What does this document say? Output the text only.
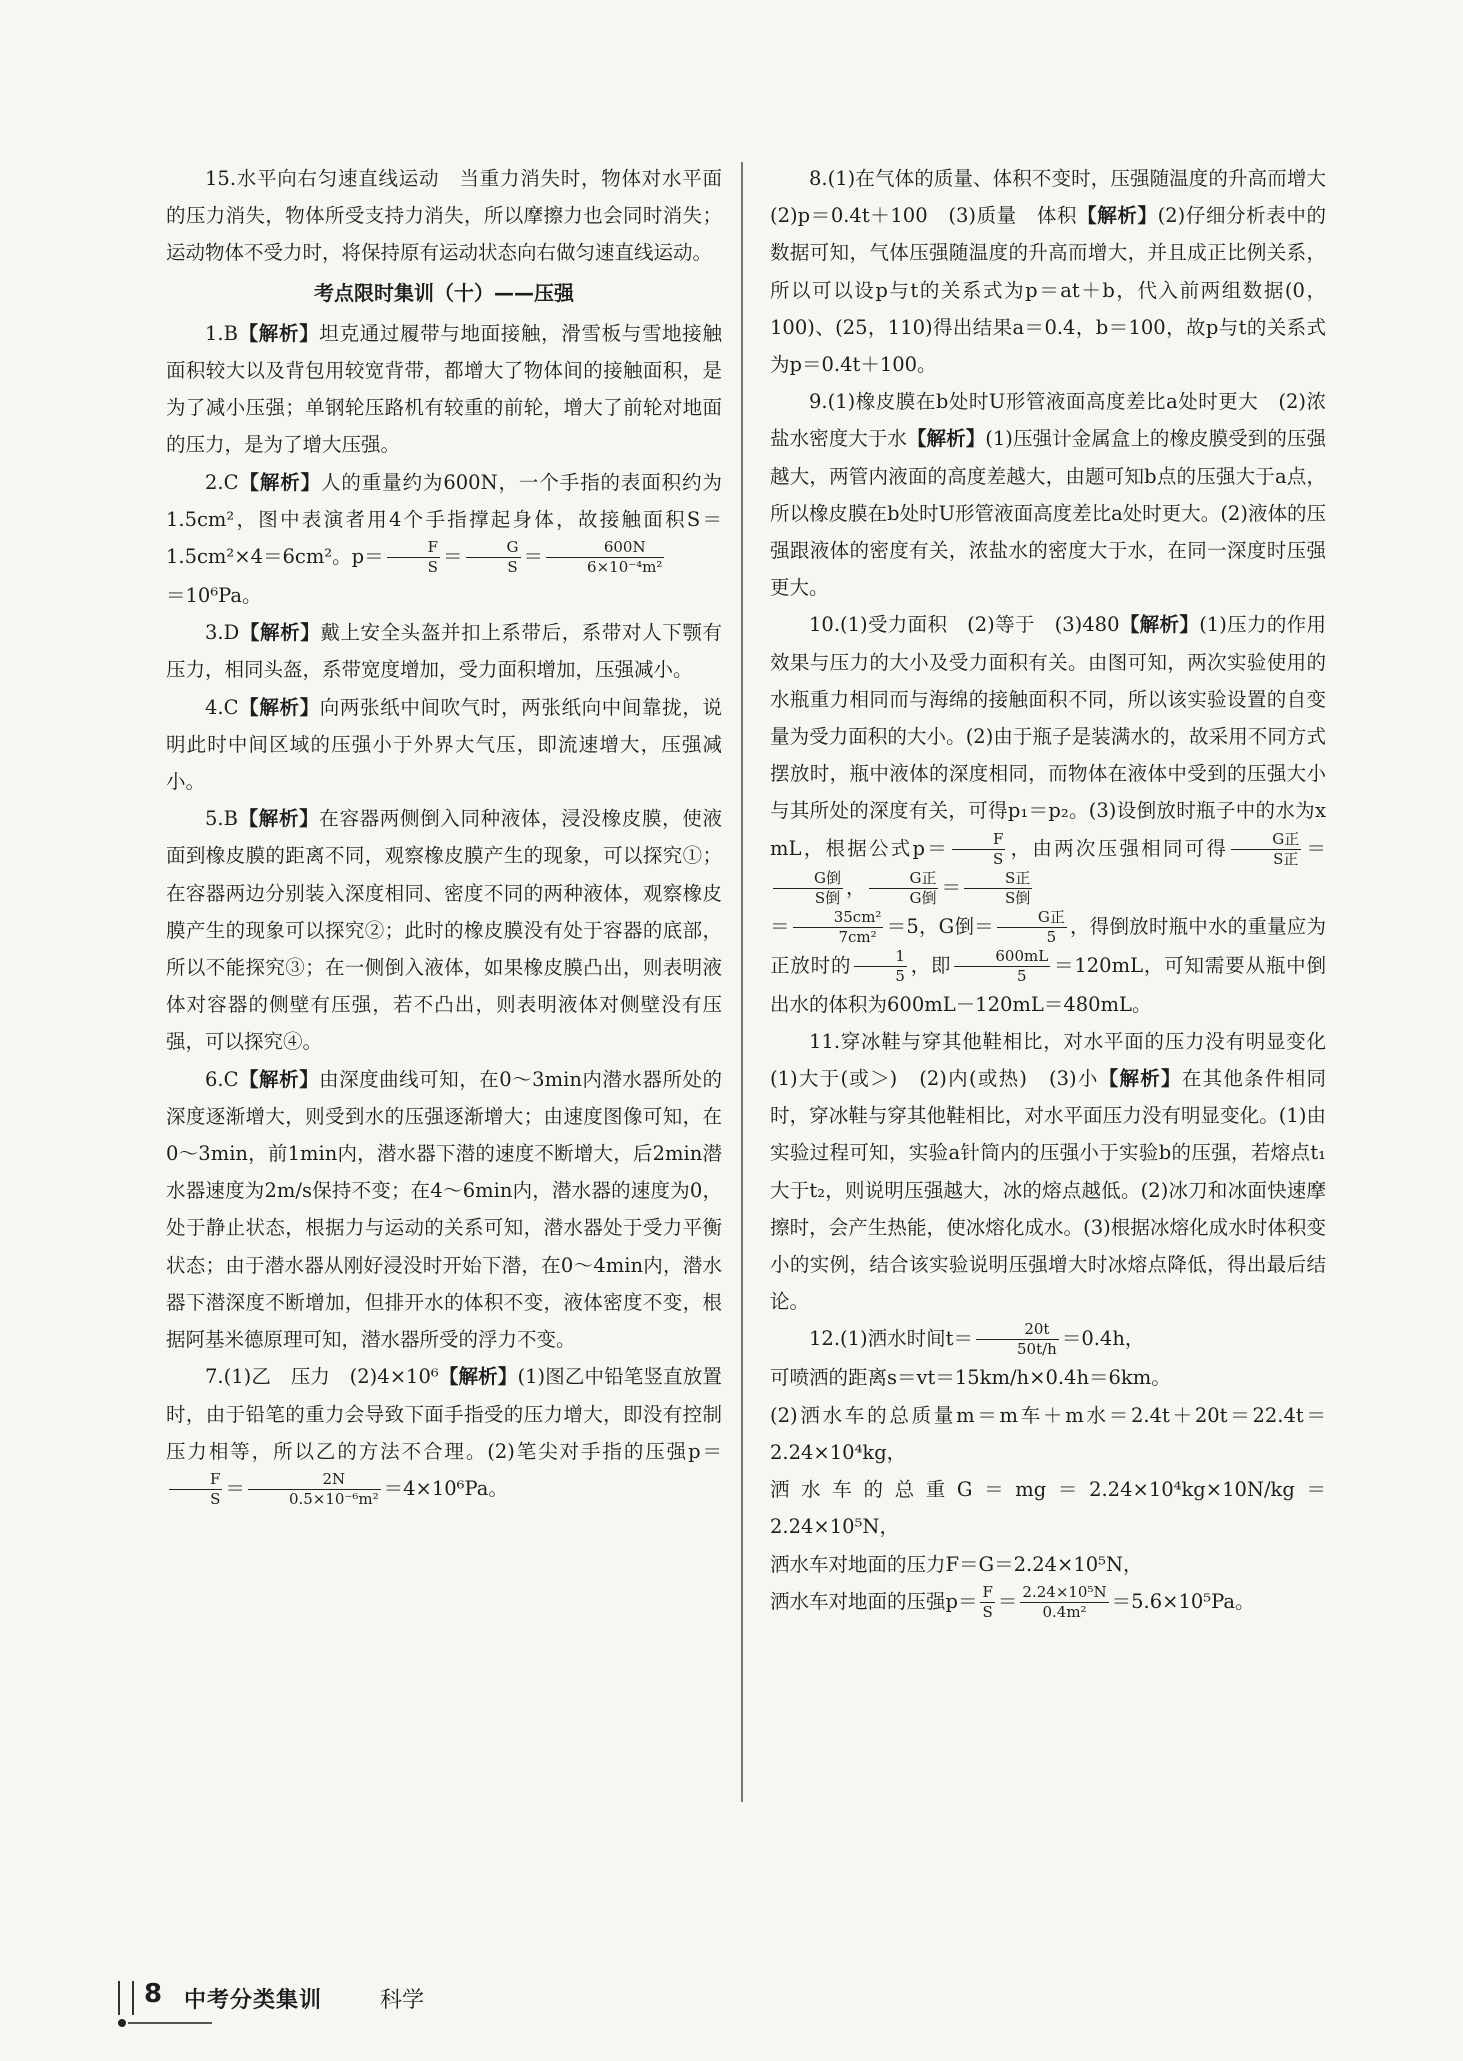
15.水平向右匀速直线运动　当重力消失时，物体对水平面的压力消失，物体所受支持力消失，所以摩擦力也会同时消失；运动物体不受力时，将保持原有运动状态向右做匀速直线运动。

考点限时集训（十）——压强

1.B【解析】坦克通过履带与地面接触，滑雪板与雪地接触面积较大以及背包用较宽背带，都增大了物体间的接触面积，是为了减小压强；单钢轮压路机有较重的前轮，增大了前轮对地面的压力，是为了增大压强。

2.C【解析】人的重量约为600N，一个手指的表面积约为1.5cm²，图中表演者用4个手指撑起身体，故接触面积S＝1.5cm²×4＝6cm²。$p= \frac{F}{S} = \frac{G}{S} = \frac{600N}{\text{6×10⁻⁴m²}}$

＝10⁶Pa。

3.D【解析】戴上安全头盔并扣上系带后，系带对人下颚有压力，相同头盔，系带宽度增加，受力面积增加，压强减小。

4.C【解析】向两张纸中间吹气时，两张纸向中间靠拢，说明此时中间区域的压强小于外界大气压，即流速增大，压强减小。

5.B【解析】在容器两侧倒入同种液体，浸没橡皮膜，使液面到橡皮膜的距离不同，观察橡皮膜产生的现象，可以探究①；在容器两边分别装入深度相同、密度不同的两种液体，观察橡皮膜产生的现象可以探究②；此时的橡皮膜没有处于容器的底部，所以不能探究③；在一侧倒入液体，如果橡皮膜凸出，则表明液体对容器的侧壁有压强，若不凸出，则表明液体对侧壁没有压强，可以探究④。

6.C【解析】由深度曲线可知，在0～3min内潜水器所处的深度逐渐增大，则受到水的压强逐渐增大；由速度图像可知，在0～3min，前1min内，潜水器下潜的速度不断增大，后2min潜水器速度为2m/s保持不变；在4～6min内，潜水器的速度为0，处于静止状态，根据力与运动的关系可知，潜水器处于受力平衡状态；由于潜水器从刚好浸没时开始下潜，在0～4min内，潜水器下潜深度不断增加，但排开水的体积不变，液体密度不变，根据阿基米德原理可知，潜水器所受的浮力不变。

7.(1)乙　压力　(2)4×10⁶【解析】(1)图乙中铅笔竖直放置时，由于铅笔的重力会导致下面手指受的压力增大，即没有控制压力相等，所以乙的方法不合理。(2)笔尖对手指的压强p＝
$\frac{F}{S} = \frac{2N}{\text{0.5×10⁻⁶m²}} =4\times 10^6Pa$。

8.(1)在气体的质量、体积不变时，压强随温度的升高而增大　(2)p＝0.4t＋100　(3)质量　体积【解析】(2)仔细分析表中的数据可知，气体压强随温度的升高而增大，并且成正比例关系，所以可以设p与t的关系式为p＝at＋b，代入前两组数据(0，100)、(25，110)得出结果a＝0.4，b＝100，故p与t的关系式为p＝0.4t＋100。

9.(1)橡皮膜在b处时U形管液面高度差比a处时更大　(2)浓盐水密度大于水【解析】(1)压强计金属盒上的橡皮膜受到的压强越大，两管内液面的高度差越大，由题可知b点的压强大于a点，所以橡皮膜在b处时U形管液面高度差比a处时更大。(2)液体的压强跟液体的密度有关，浓盐水的密度大于水，在同一深度时压强更大。

10.(1)受力面积　(2)等于　(3)480【解析】(1)压力的作用效果与压力的大小及受力面积有关。由图可知，两次实验使用的水瓶重力相同而与海绵的接触面积不同，所以该实验设置的自变量为受力面积的大小。(2)由于瓶子是装满水的，故采用不同方式摆放时，瓶中液体的深度相同，而物体在液体中受到的压强大小与其所处的深度有关，可得p₁＝p₂。(3)设倒放时瓶子中的水为x mL，根据公式$p= \frac{F}{S}$ ，由两次压强相同可得 $\frac{\text{G正}}{\text{S正}}$ ＝
$\frac{\text{G倒}}{\text{S倒}}$ ， $\frac{\text{G正}}{\text{G倒}} = \frac{\text{S正}}{\text{S倒}}$

＝ $\frac{\text{35cm²}}{\text{7cm²}} =5$，G倒＝ $\frac{\text{G正}}{5}$ ，得倒放时瓶中水的重量应为正放时的 $\frac{1}{5}$ ，即 $\frac{600mL}{5} =120mL$，可知需要从瓶中倒出水的体积为600mL－120mL＝480mL。

11.穿冰鞋与穿其他鞋相比，对水平面的压力没有明显变化　(1)大于(或＞)　(2)内(或热)　(3)小【解析】在其他条件相同时，穿冰鞋与穿其他鞋相比，对水平面压力没有明显变化。(1)由实验过程可知，实验a针筒内的压强小于实验b的压强，若熔点t₁大于t₂，则说明压强越大，冰的熔点越低。(2)冰刀和冰面快速摩擦时，会产生热能，使冰熔化成水。(3)根据冰熔化成水时体积变小的实例，结合该实验说明压强增大时冰熔点降低，得出最后结论。

12.(1)洒水时间$t= \frac{20t}{50t/h} =0.4h$，

可喷洒的距离s＝vt＝15km/h×0.4h＝6km。

(2)洒水车的总质量m＝m车＋m水＝2.4t＋20t＝22.4t＝2.24×10⁴kg，

洒水车的总重G＝mg＝2.24×10⁴kg×10N/kg＝2.24×10⁵N，

洒水车对地面的压力F＝G＝2.24×10⁵N，

洒水车对地面的压强$p= \frac{F}{S} = \frac{\text{2.24×10⁵N}}{\text{0.4m²}} =5.6\times 10^5Pa$。

8 中考分类集训	科学
